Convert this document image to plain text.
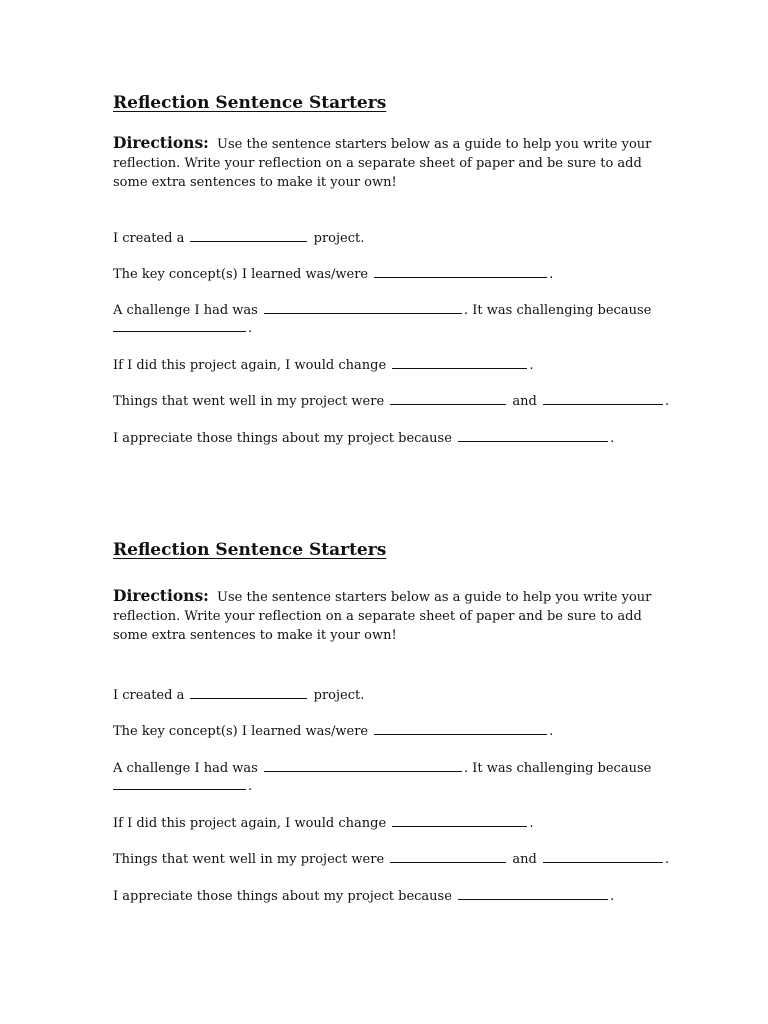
Reflection Sentence Starters

Directions: Use the sentence starters below as a guide to help you write your reflection. Write your reflection on a separate sheet of paper and be sure to add some extra sentences to make it your own!

I created a	project.

The key concept(s) I learned was/were	.

A challenge I had was	. It was challenging because

.

If I did this project again, I would change	.

Things that went well in my project were	and	.

I appreciate those things about my project because	.

Reflection Sentence Starters

Directions: Use the sentence starters below as a guide to help you write your reflection. Write your reflection on a separate sheet of paper and be sure to add some extra sentences to make it your own!

I created a	project.

The key concept(s) I learned was/were	.

A challenge I had was	. It was challenging because

.

If I did this project again, I would change	.

Things that went well in my project were	and	.

I appreciate those things about my project because	.
